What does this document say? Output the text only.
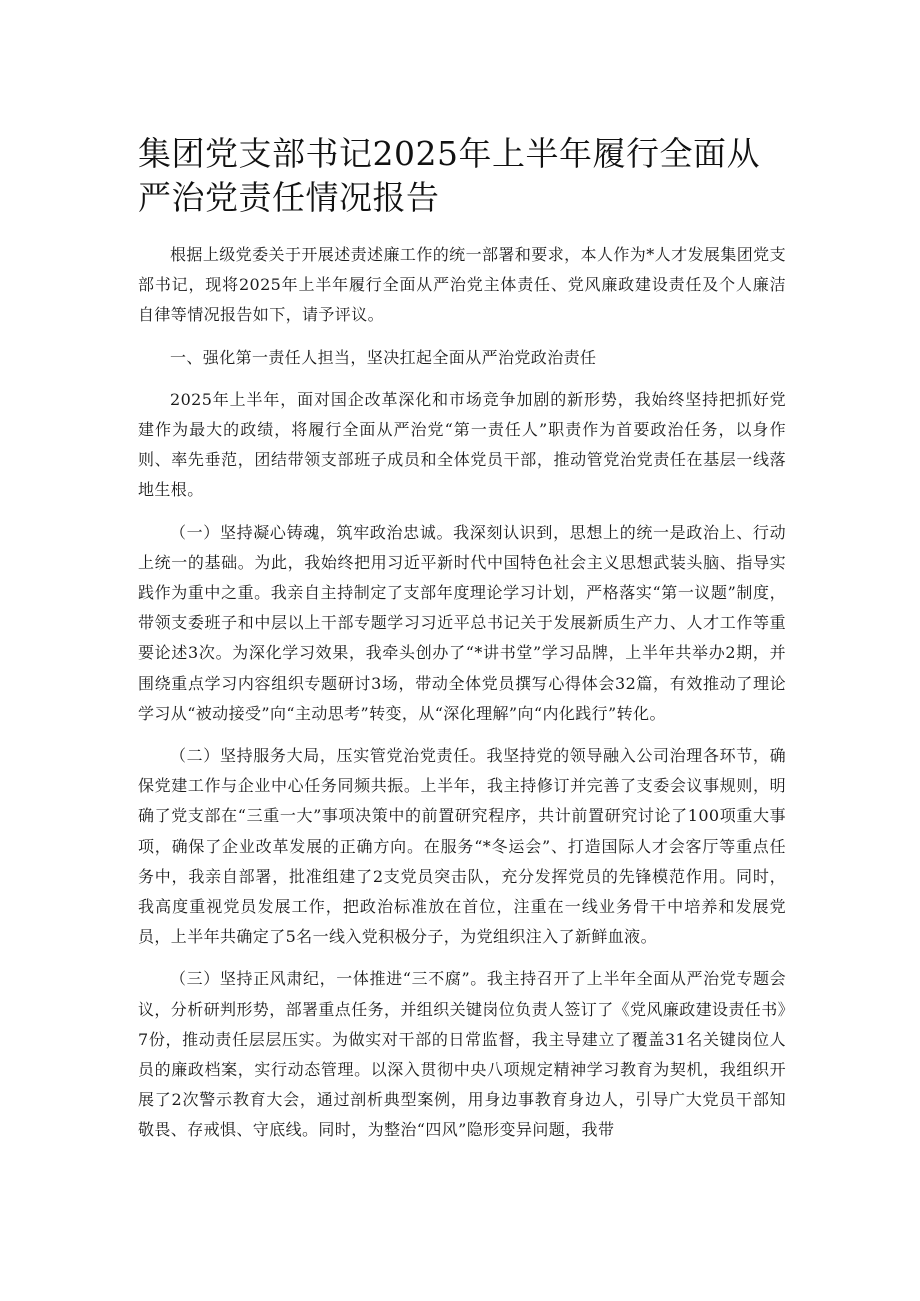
集团党支部书记2025年上半年履行全面从严治党责任情况报告

根据上级党委关于开展述责述廉工作的统一部署和要求，本人作为*人才发展集团党支部书记，现将2025年上半年履行全面从严治党主体责任、党风廉政建设责任及个人廉洁自律等情况报告如下，请予评议。

一、强化第一责任人担当，坚决扛起全面从严治党政治责任

2025年上半年，面对国企改革深化和市场竞争加剧的新形势，我始终坚持把抓好党建作为最大的政绩，将履行全面从严治党“第一责任人”职责作为首要政治任务，以身作则、率先垂范，团结带领支部班子成员和全体党员干部，推动管党治党责任在基层一线落地生根。

（一）坚持凝心铸魂，筑牢政治忠诚。我深刻认识到，思想上的统一是政治上、行动上统一的基础。为此，我始终把用习近平新时代中国特色社会主义思想武装头脑、指导实践作为重中之重。我亲自主持制定了支部年度理论学习计划，严格落实“第一议题”制度，带领支委班子和中层以上干部专题学习习近平总书记关于发展新质生产力、人才工作等重要论述3次。为深化学习效果，我牵头创办了“*讲书堂”学习品牌，上半年共举办2期，并围绕重点学习内容组织专题研讨3场，带动全体党员撰写心得体会32篇，有效推动了理论学习从“被动接受”向“主动思考”转变，从“深化理解”向“内化践行”转化。

（二）坚持服务大局，压实管党治党责任。我坚持党的领导融入公司治理各环节，确保党建工作与企业中心任务同频共振。上半年，我主持修订并完善了支委会议事规则，明确了党支部在“三重一大”事项决策中的前置研究程序，共计前置研究讨论了100项重大事项，确保了企业改革发展的正确方向。在服务“*冬运会”、打造国际人才会客厅等重点任务中，我亲自部署，批准组建了2支党员突击队，充分发挥党员的先锋模范作用。同时，我高度重视党员发展工作，把政治标准放在首位，注重在一线业务骨干中培养和发展党员，上半年共确定了5名一线入党积极分子，为党组织注入了新鲜血液。

（三）坚持正风肃纪，一体推进“三不腐”。我主持召开了上半年全面从严治党专题会议，分析研判形势，部署重点任务，并组织关键岗位负责人签订了《党风廉政建设责任书》7份，推动责任层层压实。为做实对干部的日常监督，我主导建立了覆盖31名关键岗位人员的廉政档案，实行动态管理。以深入贯彻中央八项规定精神学习教育为契机，我组织开展了2次警示教育大会，通过剖析典型案例，用身边事教育身边人，引导广大党员干部知敬畏、存戒惧、守底线。同时，为整治“四风”隐形变异问题，我带
